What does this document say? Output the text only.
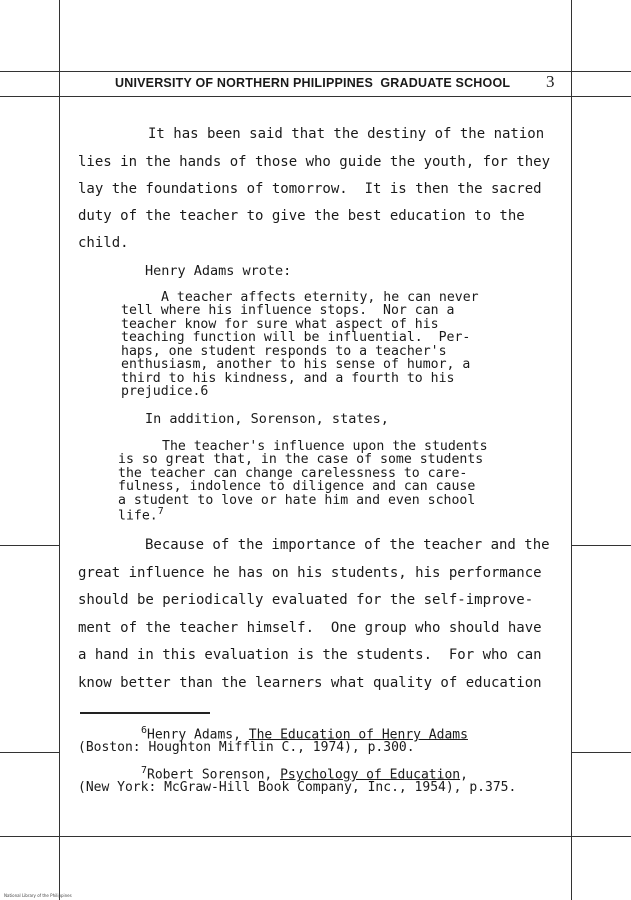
UNIVERSITY OF NORTHERN PHILIPPINES GRADUATE SCHOOL 3
It has been said that the destiny of the nation
lies in the hands of those who guide the youth, for they
lay the foundations of tomorrow.  It is then the sacred
duty of the teacher to give the best education to the
child.
Henry Adams wrote:
A teacher affects eternity, he can never
tell where his influence stops.  Nor can a
teacher know for sure what aspect of his
teaching function will be influential.  Per-
haps, one student responds to a teacher's
enthusiasm, another to his sense of humor, a
third to his kindness, and a fourth to his
prejudice.6
In addition, Sorenson, states,
The teacher's influence upon the students
is so great that, in the case of some students
the teacher can change carelessness to care-
fulness, indolence to diligence and can cause
a student to love or hate him and even school
life.$^7$
Because of the importance of the teacher and the
great influence he has on his students, his performance
should be periodically evaluated for the self-improve-
ment of the teacher himself.  One group who should have
a hand in this evaluation is the students.  For who can
know better than the learners what quality of education
$^6$Henry Adams, The Education of Henry Adams
(Boston: Houghton Mifflin C., 1974), p.300.
$^7$Robert Sorenson, Psychology of Education,
(New York: McGraw-Hill Book Company, Inc., 1954), p.375.
National Library of the Philippines
